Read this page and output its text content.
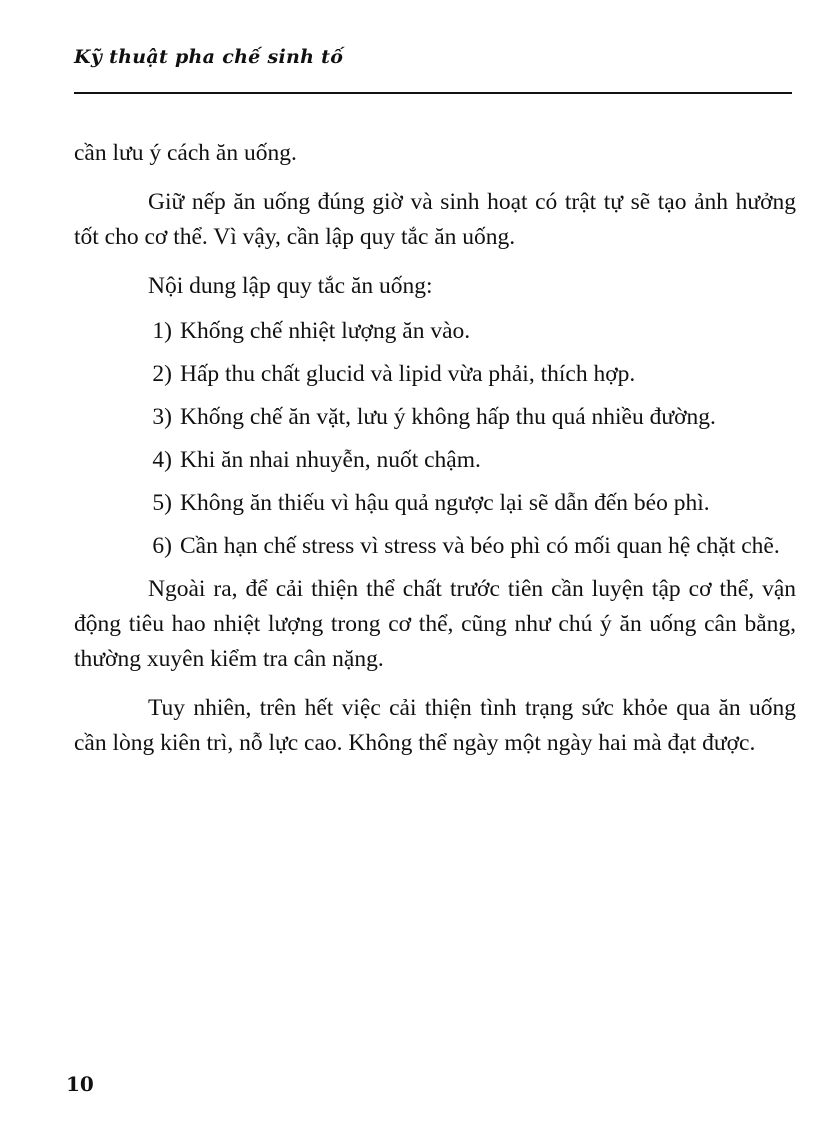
Kỹ thuật pha chế sinh tố

cần lưu ý cách ăn uống.

Giữ nếp ăn uống đúng giờ và sinh hoạt có trật tự sẽ tạo ảnh hưởng tốt cho cơ thể. Vì vậy, cần lập quy tắc ăn uống.

Nội dung lập quy tắc ăn uống:

1) Khống chế nhiệt lượng ăn vào.
2) Hấp thu chất glucid và lipid vừa phải, thích hợp.
3) Khống chế ăn vặt, lưu ý không hấp thu quá nhiều đường.
4) Khi ăn nhai nhuyễn, nuốt chậm.
5) Không ăn thiếu vì hậu quả ngược lại sẽ dẫn đến béo phì.
6) Cần hạn chế stress vì stress và béo phì có mối quan hệ chặt chẽ.

Ngoài ra, để cải thiện thể chất trước tiên cần luyện tập cơ thể, vận động tiêu hao nhiệt lượng trong cơ thể, cũng như chú ý ăn uống cân bằng, thường xuyên kiểm tra cân nặng.

Tuy nhiên, trên hết việc cải thiện tình trạng sức khỏe qua ăn uống cần lòng kiên trì, nỗ lực cao. Không thể ngày một ngày hai mà đạt được.

10
